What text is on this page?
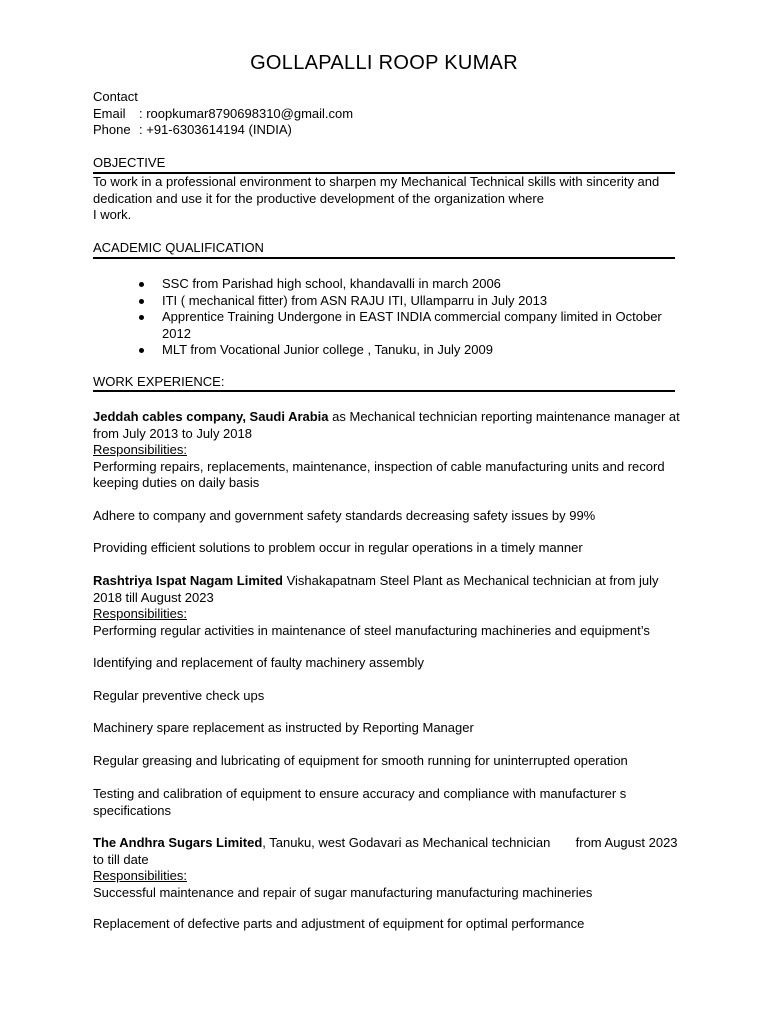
GOLLAPALLI ROOP KUMAR
Contact
Email : roopkumar8790698310@gmail.com
Phone : +91-6303614194 (INDIA)
OBJECTIVE
To work in a professional environment to sharpen my Mechanical Technical skills with sincerity and
dedication and use it for the productive development of the organization where
I work.
ACADEMIC QUALIFICATION
SSC from Parishad high school, khandavalli in march 2006
ITI ( mechanical fitter) from ASN RAJU ITI, Ullamparru in July 2013
Apprentice Training Undergone in EAST INDIA commercial company limited in October
2012
MLT from Vocational Junior college , Tanuku, in July 2009
WORK EXPERIENCE:
Jeddah cables company, Saudi Arabia as Mechanical technician reporting maintenance manager at
from July 2013 to July 2018
Responsibilities:
Performing repairs, replacements, maintenance, inspection of cable manufacturing units and record
keeping duties on daily basis
Adhere to company and government safety standards decreasing safety issues by 99%
Providing efficient solutions to problem occur in regular operations in a timely manner
Rashtriya Ispat Nagam Limited Vishakapatnam Steel Plant as Mechanical technician at from july
2018 till August 2023
Responsibilities:
Performing regular activities in maintenance of steel manufacturing machineries and equipment’s
Identifying and replacement of faulty machinery assembly
Regular preventive check ups
Machinery spare replacement as instructed by Reporting Manager
Regular greasing and lubricating of equipment for smooth running for uninterrupted operation
Testing and calibration of equipment to ensure accuracy and compliance with manufacturer s
specifications
The Andhra Sugars Limited, Tanuku, west Godavari as Mechanical technician       from August 2023
to till date
Responsibilities:
Successful maintenance and repair of sugar manufacturing manufacturing machineries
Replacement of defective parts and adjustment of equipment for optimal performance
